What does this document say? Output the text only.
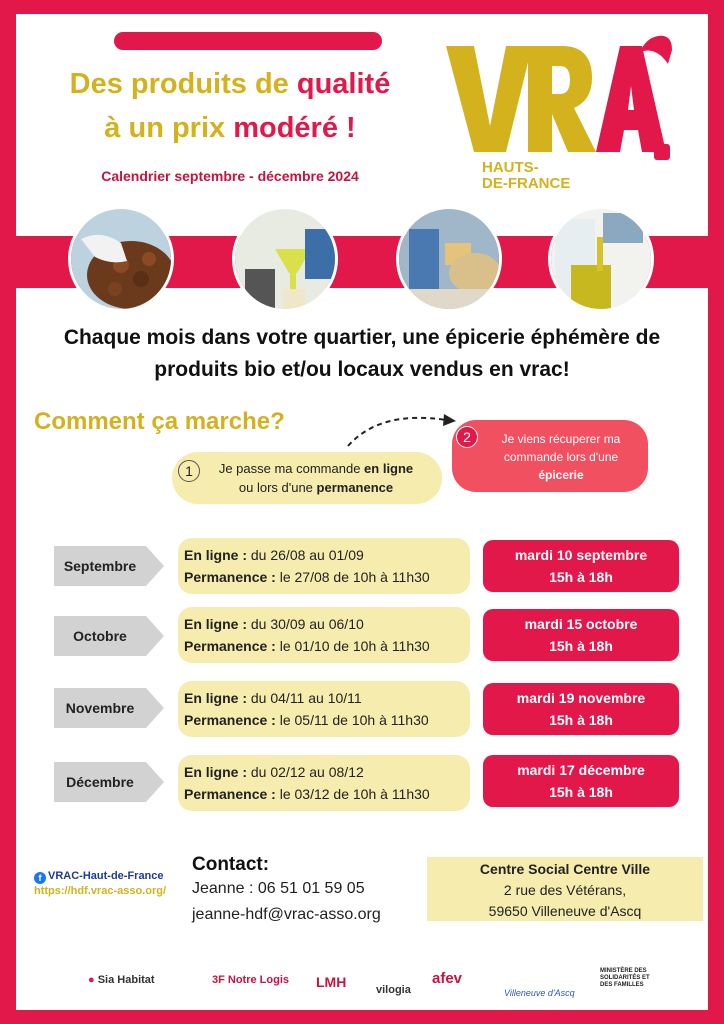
Des produits de qualité
à un prix modéré !
Calendrier septembre - décembre 2024	HAUTS-
DE-FRANCE
Chaque mois dans votre quartier, une épicerie éphémère de
produits bio et/ou locaux vendus en vrac!
Comment ça marche?
Je passe ma commande en ligne
ou lors d'une permanence
1
Je viens récuperer ma
commande lors d'une
épicerie
2
Septembre
En ligne : du 26/08 au 01/09
Permanence : le 27/08 de 10h à 11h30
mardi 10 septembre
15h à 18h
Octobre
En ligne : du 30/09 au 06/10
Permanence : le 01/10 de 10h à 11h30
mardi 15 octobre
15h à 18h
Novembre
En ligne : du 04/11 au 10/11
Permanence : le 05/11 de 10h à 11h30
mardi 19 novembre
15h à 18h
Décembre
En ligne : du 02/12 au 08/12
Permanence : le 03/12 de 10h à 11h30
mardi 17 décembre
15h à 18h
f VRAC-Haut-de-France
https://hdf.vrac-asso.org/
Contact:
Jeanne : 06 51 01 59 05
jeanne-hdf@vrac-asso.org
Centre Social Centre Ville
2 rue des Vétérans,
59650 Villeneuve d'Ascq
● Sia Habitat	3F Notre Logis LMH	vilogia
afev
Villeneuve d'Ascq
MINISTÈRE DES SOLIDARITÉS ET DES FAMILLES
